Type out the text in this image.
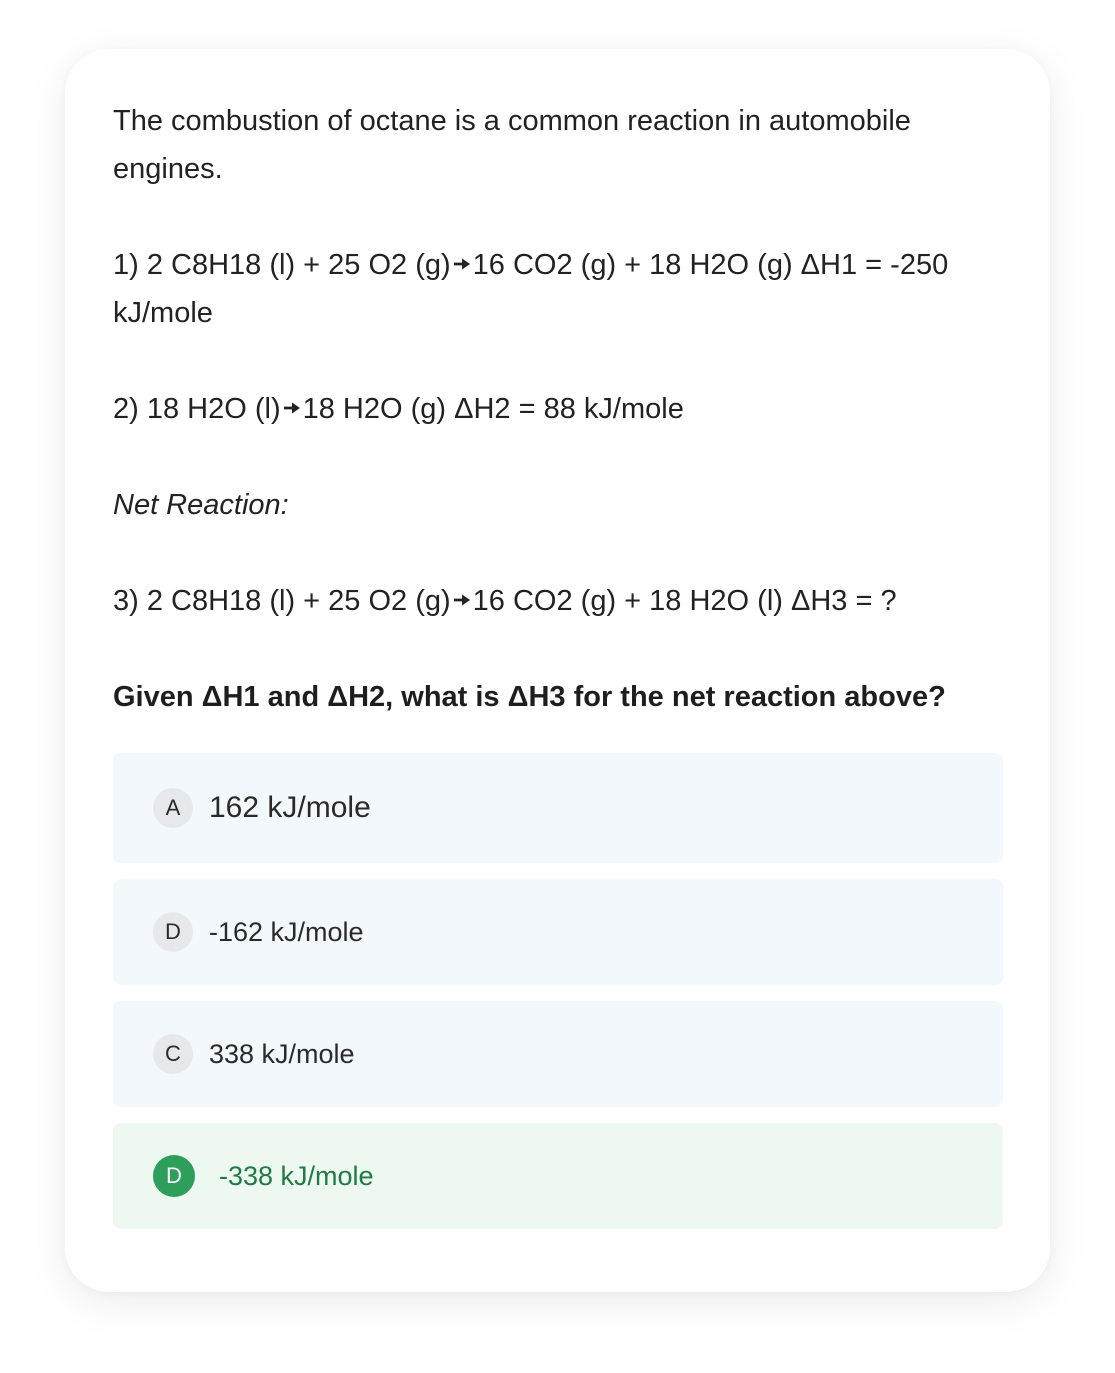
The combustion of octane is a common reaction in automobile engines.

1) 2 C8H18 (l) + 25 O2 (g) 16 CO2 (g) + 18 H2O (g) ΔH1 = -250 kJ/mole

2) 18 H2O (l) 18 H2O (g) ΔH2 = 88 kJ/mole

Net Reaction:

3) 2 C8H18 (l) + 25 O2 (g) 16 CO2 (g) + 18 H2O (l) ΔH3 = ?

Given ΔH1 and ΔH2, what is ΔH3 for the net reaction above?

A 162 kJ/mole
D	-162 kJ/mole
C	338 kJ/mole
D	-338 kJ/mole
